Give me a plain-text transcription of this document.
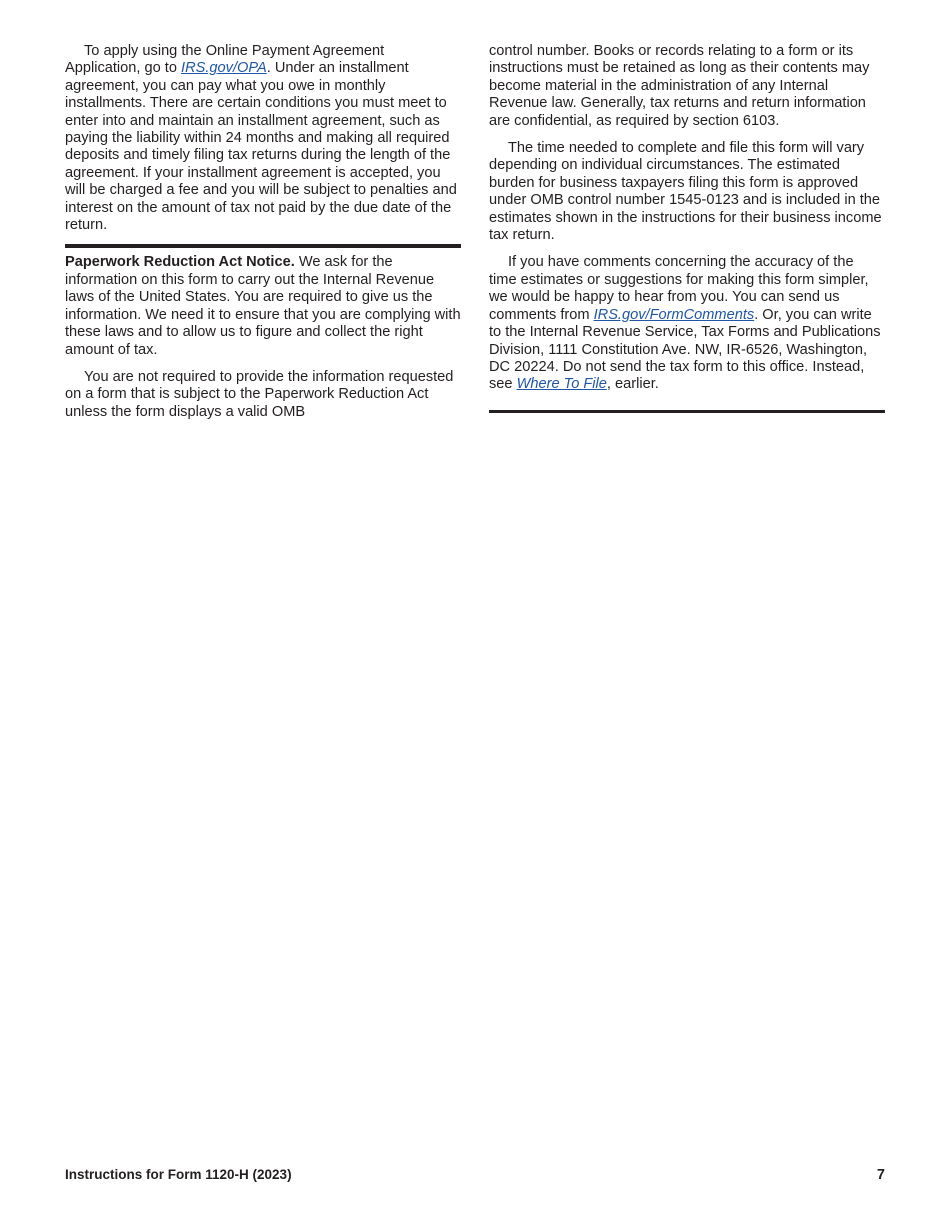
To apply using the Online Payment Agreement Application, go to IRS.gov/OPA. Under an installment agreement, you can pay what you owe in monthly installments. There are certain conditions you must meet to enter into and maintain an installment agreement, such as paying the liability within 24 months and making all required deposits and timely filing tax returns during the length of the agreement. If your installment agreement is accepted, you will be charged a fee and you will be subject to penalties and interest on the amount of tax not paid by the due date of the return.

Paperwork Reduction Act Notice. We ask for the information on this form to carry out the Internal Revenue laws of the United States. You are required to give us the information. We need it to ensure that you are complying with these laws and to allow us to figure and collect the right amount of tax.

You are not required to provide the information requested on a form that is subject to the Paperwork Reduction Act unless the form displays a valid OMB

control number. Books or records relating to a form or its instructions must be retained as long as their contents may become material in the administration of any Internal Revenue law. Generally, tax returns and return information are confidential, as required by section 6103.

The time needed to complete and file this form will vary depending on individual circumstances. The estimated burden for business taxpayers filing this form is approved under OMB control number 1545-0123 and is included in the estimates shown in the instructions for their business income tax return.

If you have comments concerning the accuracy of the time estimates or suggestions for making this form simpler, we would be happy to hear from you. You can send us comments from IRS.gov/FormComments. Or, you can write to the Internal Revenue Service, Tax Forms and Publications Division, 1111 Constitution Ave. NW, IR-6526, Washington, DC 20224. Do not send the tax form to this office. Instead, see Where To File, earlier.

Instructions for Form 1120-H (2023)	7
